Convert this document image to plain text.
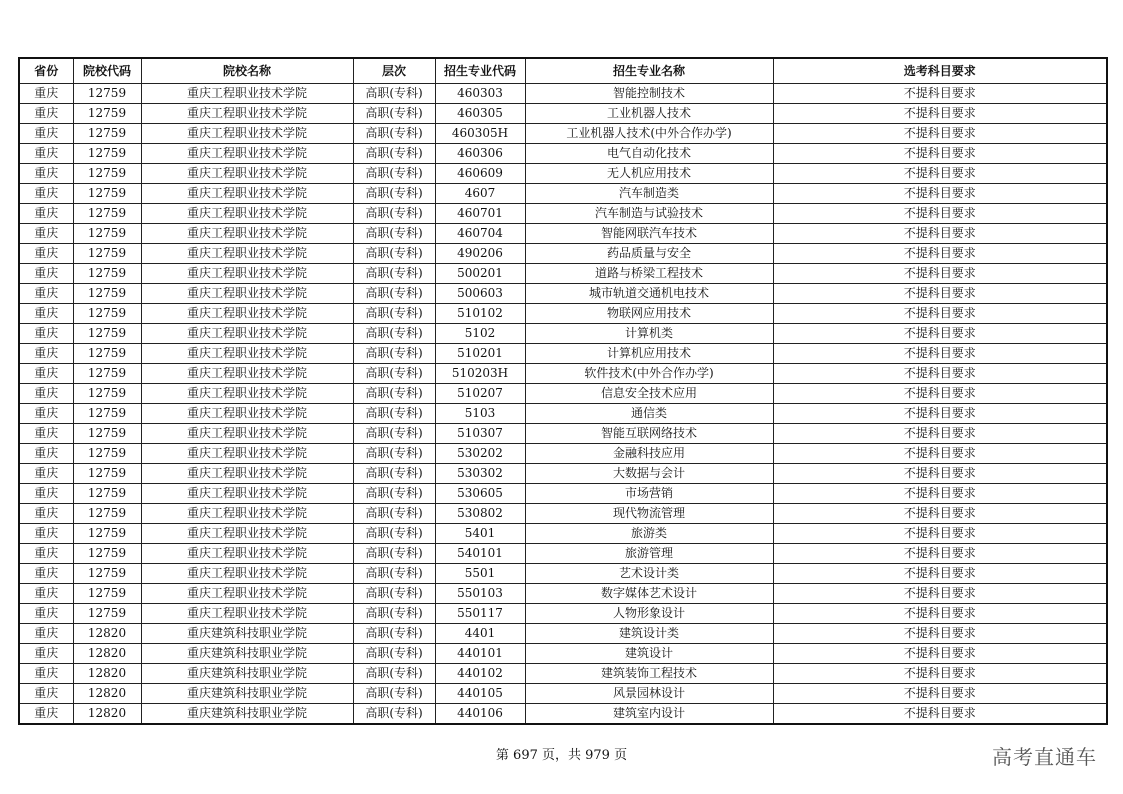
省份	院校代码	院校名称	层次	招生专业代码	招生专业名称	选考科目要求
重庆	12759	重庆工程职业技术学院	高职(专科)	460303	智能控制技术	不提科目要求
重庆	12759	重庆工程职业技术学院	高职(专科)	460305	工业机器人技术	不提科目要求
重庆	12759	重庆工程职业技术学院	高职(专科)	460305H	工业机器人技术(中外合作办学)	不提科目要求
重庆	12759	重庆工程职业技术学院	高职(专科)	460306	电气自动化技术	不提科目要求
重庆	12759	重庆工程职业技术学院	高职(专科)	460609	无人机应用技术	不提科目要求
重庆	12759	重庆工程职业技术学院	高职(专科)	4607	汽车制造类	不提科目要求
重庆	12759	重庆工程职业技术学院	高职(专科)	460701	汽车制造与试验技术	不提科目要求
重庆	12759	重庆工程职业技术学院	高职(专科)	460704	智能网联汽车技术	不提科目要求
重庆	12759	重庆工程职业技术学院	高职(专科)	490206	药品质量与安全	不提科目要求
重庆	12759	重庆工程职业技术学院	高职(专科)	500201	道路与桥梁工程技术	不提科目要求
重庆	12759	重庆工程职业技术学院	高职(专科)	500603	城市轨道交通机电技术	不提科目要求
重庆	12759	重庆工程职业技术学院	高职(专科)	510102	物联网应用技术	不提科目要求
重庆	12759	重庆工程职业技术学院	高职(专科)	5102	计算机类	不提科目要求
重庆	12759	重庆工程职业技术学院	高职(专科)	510201	计算机应用技术	不提科目要求
重庆	12759	重庆工程职业技术学院	高职(专科)	510203H	软件技术(中外合作办学)	不提科目要求
重庆	12759	重庆工程职业技术学院	高职(专科)	510207	信息安全技术应用	不提科目要求
重庆	12759	重庆工程职业技术学院	高职(专科)	5103	通信类	不提科目要求
重庆	12759	重庆工程职业技术学院	高职(专科)	510307	智能互联网络技术	不提科目要求
重庆	12759	重庆工程职业技术学院	高职(专科)	530202	金融科技应用	不提科目要求
重庆	12759	重庆工程职业技术学院	高职(专科)	530302	大数据与会计	不提科目要求
重庆	12759	重庆工程职业技术学院	高职(专科)	530605	市场营销	不提科目要求
重庆	12759	重庆工程职业技术学院	高职(专科)	530802	现代物流管理	不提科目要求
重庆	12759	重庆工程职业技术学院	高职(专科)	5401	旅游类	不提科目要求
重庆	12759	重庆工程职业技术学院	高职(专科)	540101	旅游管理	不提科目要求
重庆	12759	重庆工程职业技术学院	高职(专科)	5501	艺术设计类	不提科目要求
重庆	12759	重庆工程职业技术学院	高职(专科)	550103	数字媒体艺术设计	不提科目要求
重庆	12759	重庆工程职业技术学院	高职(专科)	550117	人物形象设计	不提科目要求
重庆	12820	重庆建筑科技职业学院	高职(专科)	4401	建筑设计类	不提科目要求
重庆	12820	重庆建筑科技职业学院	高职(专科)	440101	建筑设计	不提科目要求
重庆	12820	重庆建筑科技职业学院	高职(专科)	440102	建筑装饰工程技术	不提科目要求
重庆	12820	重庆建筑科技职业学院	高职(专科)	440105	风景园林设计	不提科目要求
重庆	12820	重庆建筑科技职业学院	高职(专科)	440106	建筑室内设计	不提科目要求
第 697 页，共 979 页	高考直通车
